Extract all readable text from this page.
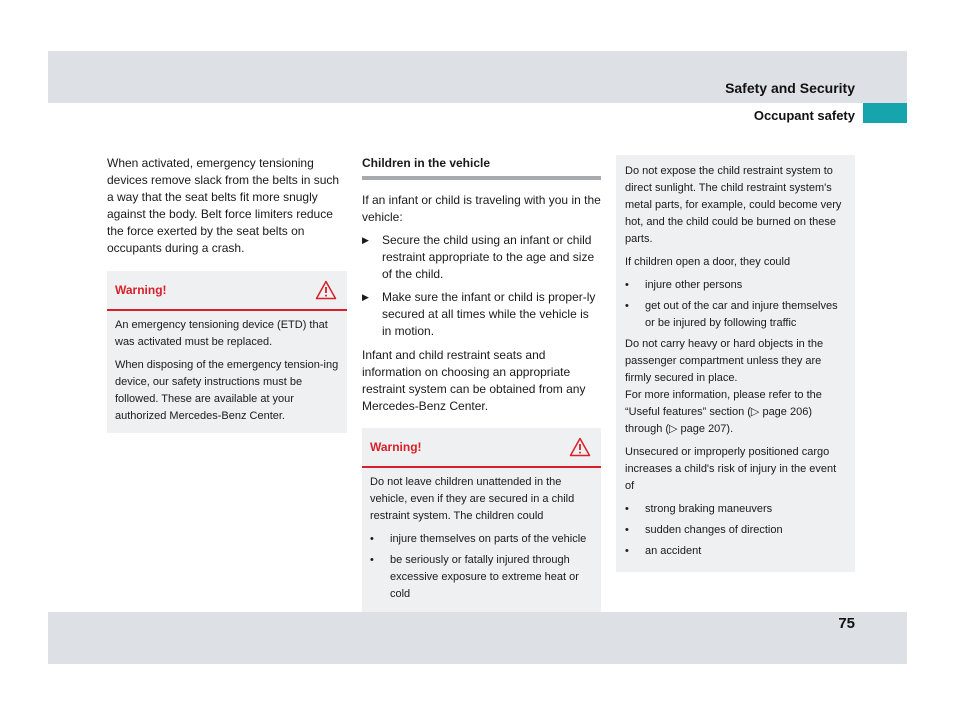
Safety and Security
Occupant safety

When activated, emergency tensioning devices remove slack from the belts in such a way that the seat belts fit more snugly against the body. Belt force limiters reduce the force exerted by the seat belts on occupants during a crash.

Warning!

An emergency tensioning device (ETD) that was activated must be replaced.

When disposing of the emergency tension-ing device, our safety instructions must be followed. These are available at your authorized Mercedes-Benz Center.

Children in the vehicle

If an infant or child is traveling with you in the vehicle:

▶	Secure the child using an infant or child restraint appropriate to the age and size of the child.
▶	Make sure the infant or child is proper-ly secured at all times while the vehicle is in motion.

Infant and child restraint seats and information on choosing an appropriate restraint system can be obtained from any Mercedes-Benz Center.

Warning!

Do not leave children unattended in the vehicle, even if they are secured in a child restraint system. The children could

•	injure themselves on parts of the vehicle
•	be seriously or fatally injured through excessive exposure to extreme heat or cold

Do not expose the child restraint system to direct sunlight. The child restraint system's metal parts, for example, could become very hot, and the child could be burned on these parts.

If children open a door, they could

•	injure other persons
•	get out of the car and injure themselves or be injured by following traffic

Do not carry heavy or hard objects in the passenger compartment unless they are firmly secured in place.

For more information, please refer to the “Useful features” section (▷ page 206) through (▷ page 207).

Unsecured or improperly positioned cargo increases a child's risk of injury in the event of

•	strong braking maneuvers
•	sudden changes of direction
•	an accident
75
